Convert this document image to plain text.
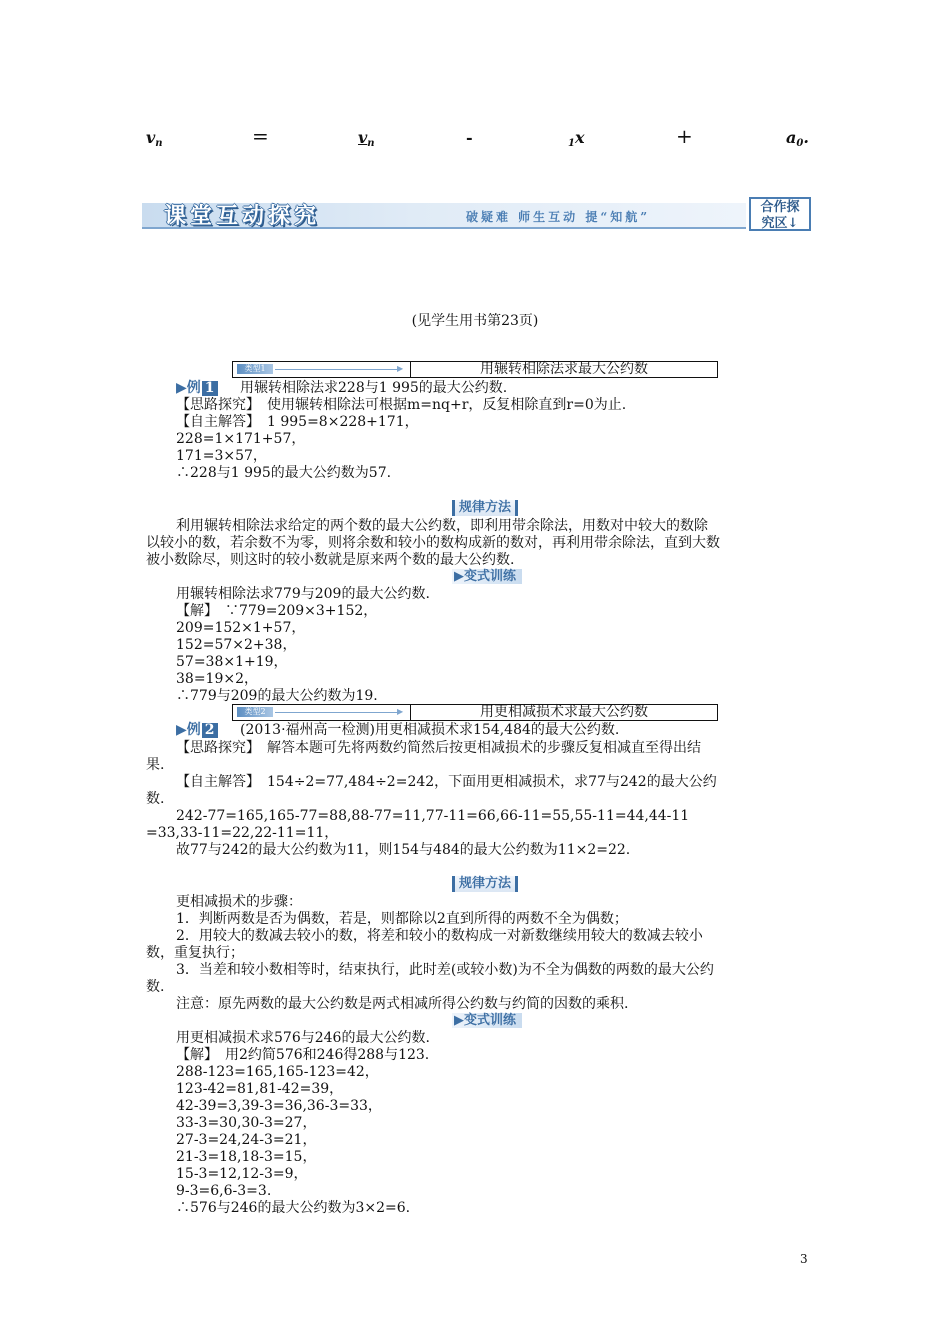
$v_n$	=	$v_n$	-	$_1$x	+	$a_0$.
课堂互动探究	破疑难 师生互动 提“知航”
合作探
究区↓
(见学生用书第23页)
类型1	▶	用辗转相除法求最大公约数
▶例 1 用辗转相除法求228与1 995的最大公约数.
【思路探究】　使用辗转相除法可根据m=nq+r，反复相除直到r=0为止.
【自主解答】　1 995=8×228+171，
228=1×171+57，
171=3×57，
∴228与1 995的最大公约数为57.
规律方法
利用辗转相除法求给定的两个数的最大公约数，即利用带余除法，用数对中较大的数除
以较小的数，若余数不为零，则将余数和较小的数构成新的数对，再利用带余除法，直到大数
被小数除尽，则这时的较小数就是原来两个数的最大公约数.
▶变式训练
用辗转相除法求779与209的最大公约数.
【解】　∵779=209×3+152，
209=152×1+57，
152=57×2+38，
57=38×1+19，
38=19×2，
∴779与209的最大公约数为19.
类型2	▶	用更相减损术求最大公约数
▶例 2 (2013·福州高一检测)用更相减损术求154,484的最大公约数.
【思路探究】　解答本题可先将两数约简然后按更相减损术的步骤反复相减直至得出结
果.
【自主解答】　154÷2=77,484÷2=242，下面用更相减损术，求77与242的最大公约
数.
242-77=165,165-77=88,88-77=11,77-11=66,66-11=55,55-11=44,44-11
=33,33-11=22,22-11=11，
故77与242的最大公约数为11，则154与484的最大公约数为11×2=22.
规律方法
更相减损术的步骤：
1．判断两数是否为偶数，若是，则都除以2直到所得的两数不全为偶数；
2．用较大的数减去较小的数，将差和较小的数构成一对新数继续用较大的数减去较小
数，重复执行；
3．当差和较小数相等时，结束执行，此时差(或较小数)为不全为偶数的两数的最大公约
数.
注意：原先两数的最大公约数是两式相减所得公约数与约简的因数的乘积.
▶变式训练
用更相减损术求576与246的最大公约数.
【解】　用2约简576和246得288与123.
288-123=165,165-123=42，
123-42=81,81-42=39，
42-39=3,39-3=36,36-3=33，
33-3=30,30-3=27，
27-3=24,24-3=21，
21-3=18,18-3=15，
15-3=12,12-3=9，
9-3=6,6-3=3.
∴576与246的最大公约数为3×2=6.
3
